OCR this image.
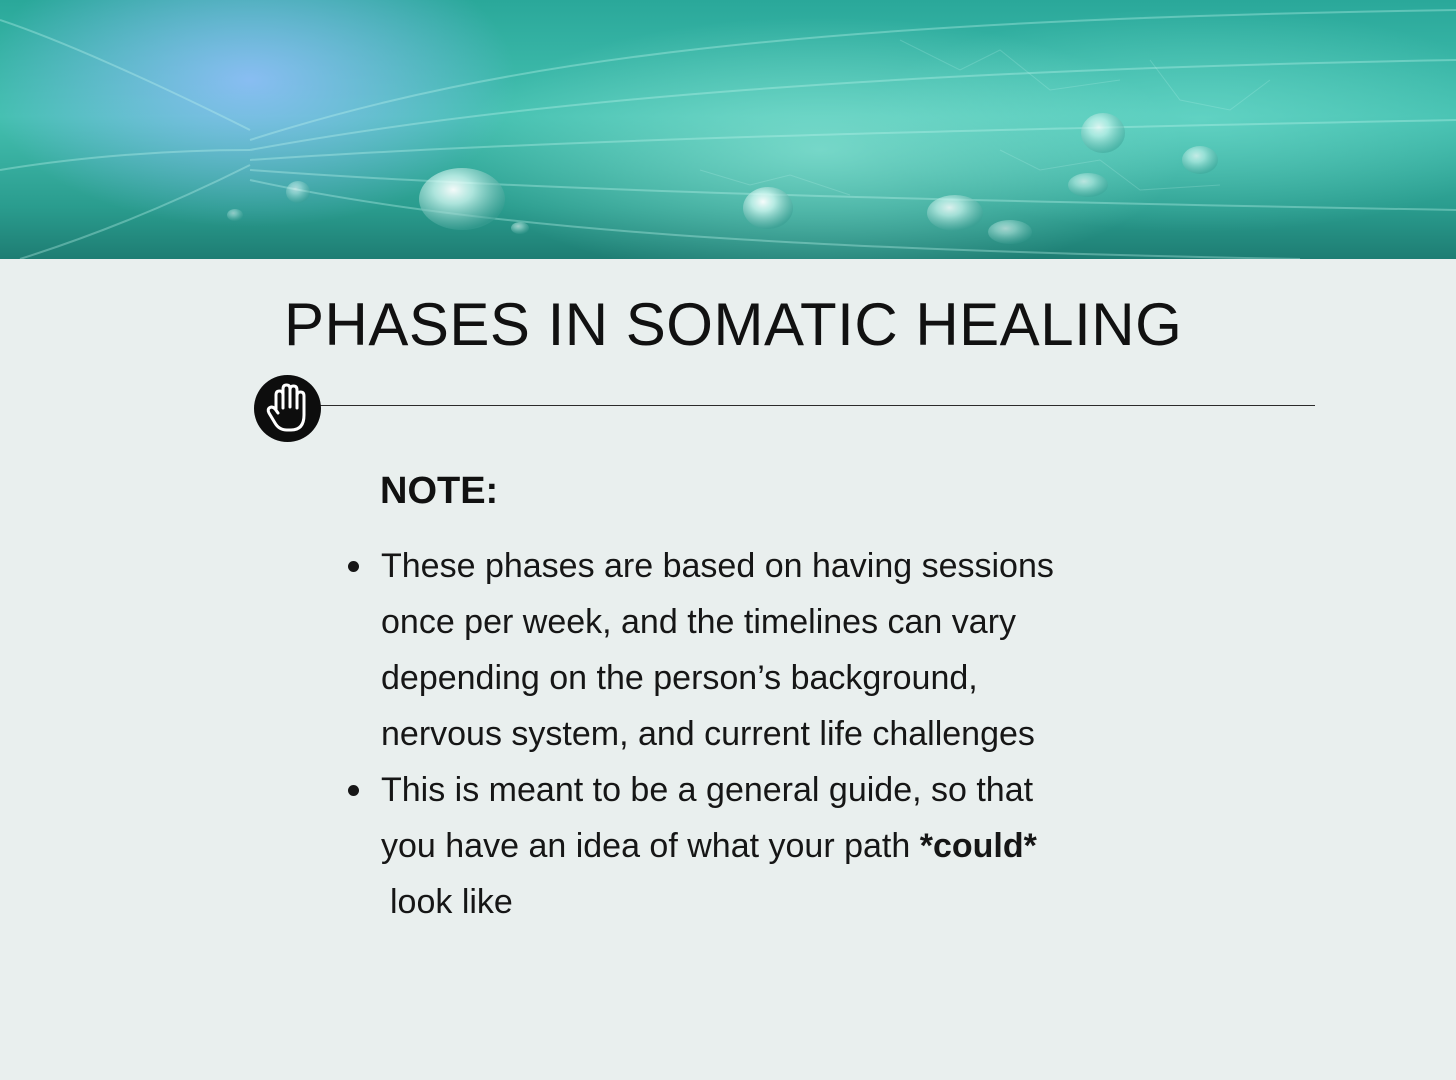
PHASES IN SOMATIC HEALING
NOTE:
These phases are based on having sessions
once per week, and the timelines can vary
depending on the person’s background,
nervous system, and current life challenges
This is meant to be a general guide, so that
you have an idea of what your path *could*
look like
